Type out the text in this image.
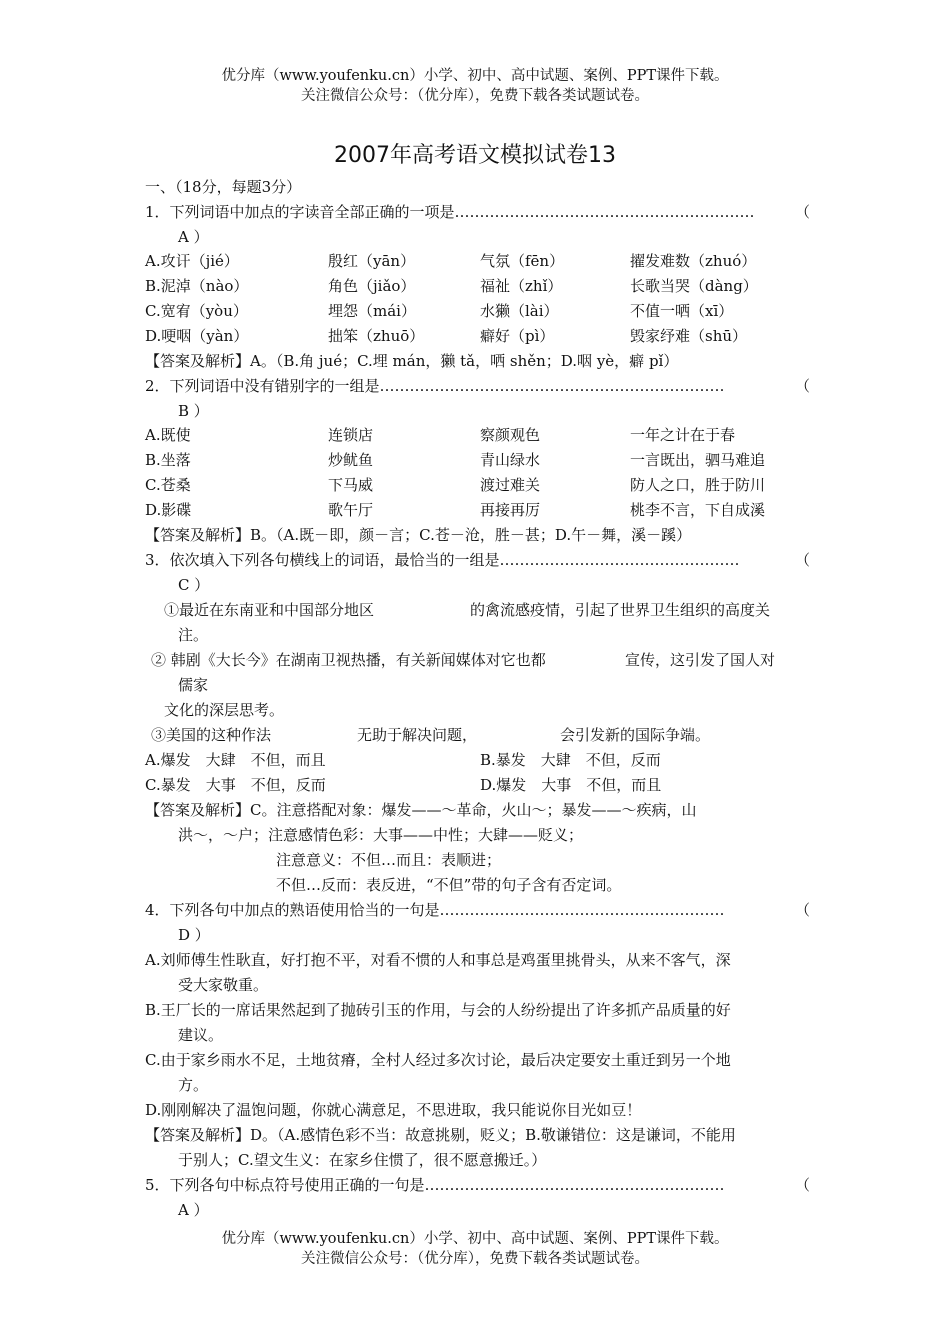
优分库（www.youfenku.cn）小学、初中、高中试题、案例、PPT课件下载。
关注微信公众号：（优分库），免费下载各类试题试卷。
2007年高考语文模拟试卷13
一、（18分，每题3分）
1．下列词语中加点的字读音全部正确的一项是……………………………………………………	（
A ）
A.攻讦（jié）	殷红（yān）	气氛（fēn）	擢发难数（zhuó）
B.泥淖（nào）	角色（jiǎo）	福祉（zhǐ）	长歌当哭（dàng）
C.宽宥（yòu）	埋怨（mái）	水獭（lài）	不值一哂（xī）
D.哽咽（yàn）	拙笨（zhuō）	癖好（pì）	毁家纾难（shū）
【答案及解析】A。（B.角 jué；C.埋 mán，獭 tǎ，哂 shěn；D.咽 yè，癖 pǐ）
2．下列词语中没有错别字的一组是……………………………………………………………	（
B ）
A.既使	连锁店	察颜观色	一年之计在于春
B.坐落	炒鱿鱼	青山绿水	一言既出，驷马难追
C.苍桑	下马威	渡过难关	防人之口，胜于防川
D.影碟	歌午厅	再接再厉	桃李不言，下自成溪
【答案及解析】B。（A.既－即，颜－言；C.苍－沧，胜－甚；D.午－舞，溪－蹊）
3．依次填入下列各句横线上的词语，最恰当的一组是…………………………………………	（
C ）
①最近在东南亚和中国部分地区	的禽流感疫情，引起了世界卫生组织的高度关
注。
② 韩剧《大长今》在湖南卫视热播，有关新闻媒体对它也都	宣传，这引发了国人对
儒家
文化的深层思考。
③美国的这种作法	无助于解决问题，	会引发新的国际争端。
A.爆发　大肆　不但，而且	B.暴发　大肆　不但，反而
C.暴发　大事　不但，反而	D.爆发　大事　不但，而且
【答案及解析】C。注意搭配对象：爆发——～革命，火山～；暴发——～疾病，山
洪～，～户；注意感情色彩：大事——中性；大肆——贬义；
注意意义：不但…而且：表顺进；
不但…反而：表反进，“不但”带的句子含有否定词。
4．下列各句中加点的熟语使用恰当的一句是…………………………………………………	（
D ）
A.刘师傅生性耿直，好打抱不平，对看不惯的人和事总是鸡蛋里挑骨头，从来不客气，深
受大家敬重。
B.王厂长的一席话果然起到了抛砖引玉的作用，与会的人纷纷提出了许多抓产品质量的好
建议。
C.由于家乡雨水不足，土地贫瘠，全村人经过多次讨论，最后决定要安土重迁到另一个地
方。
D.刚刚解决了温饱问题，你就心满意足，不思进取，我只能说你目光如豆！
【答案及解析】D。（A.感情色彩不当：故意挑剔，贬义；B.敬谦错位：这是谦词，不能用
于别人；C.望文生义：在家乡住惯了，很不愿意搬迁。）
5．下列各句中标点符号使用正确的一句是……………………………………………………	（
A ）
优分库（www.youfenku.cn）小学、初中、高中试题、案例、PPT课件下载。
关注微信公众号：（优分库），免费下载各类试题试卷。
